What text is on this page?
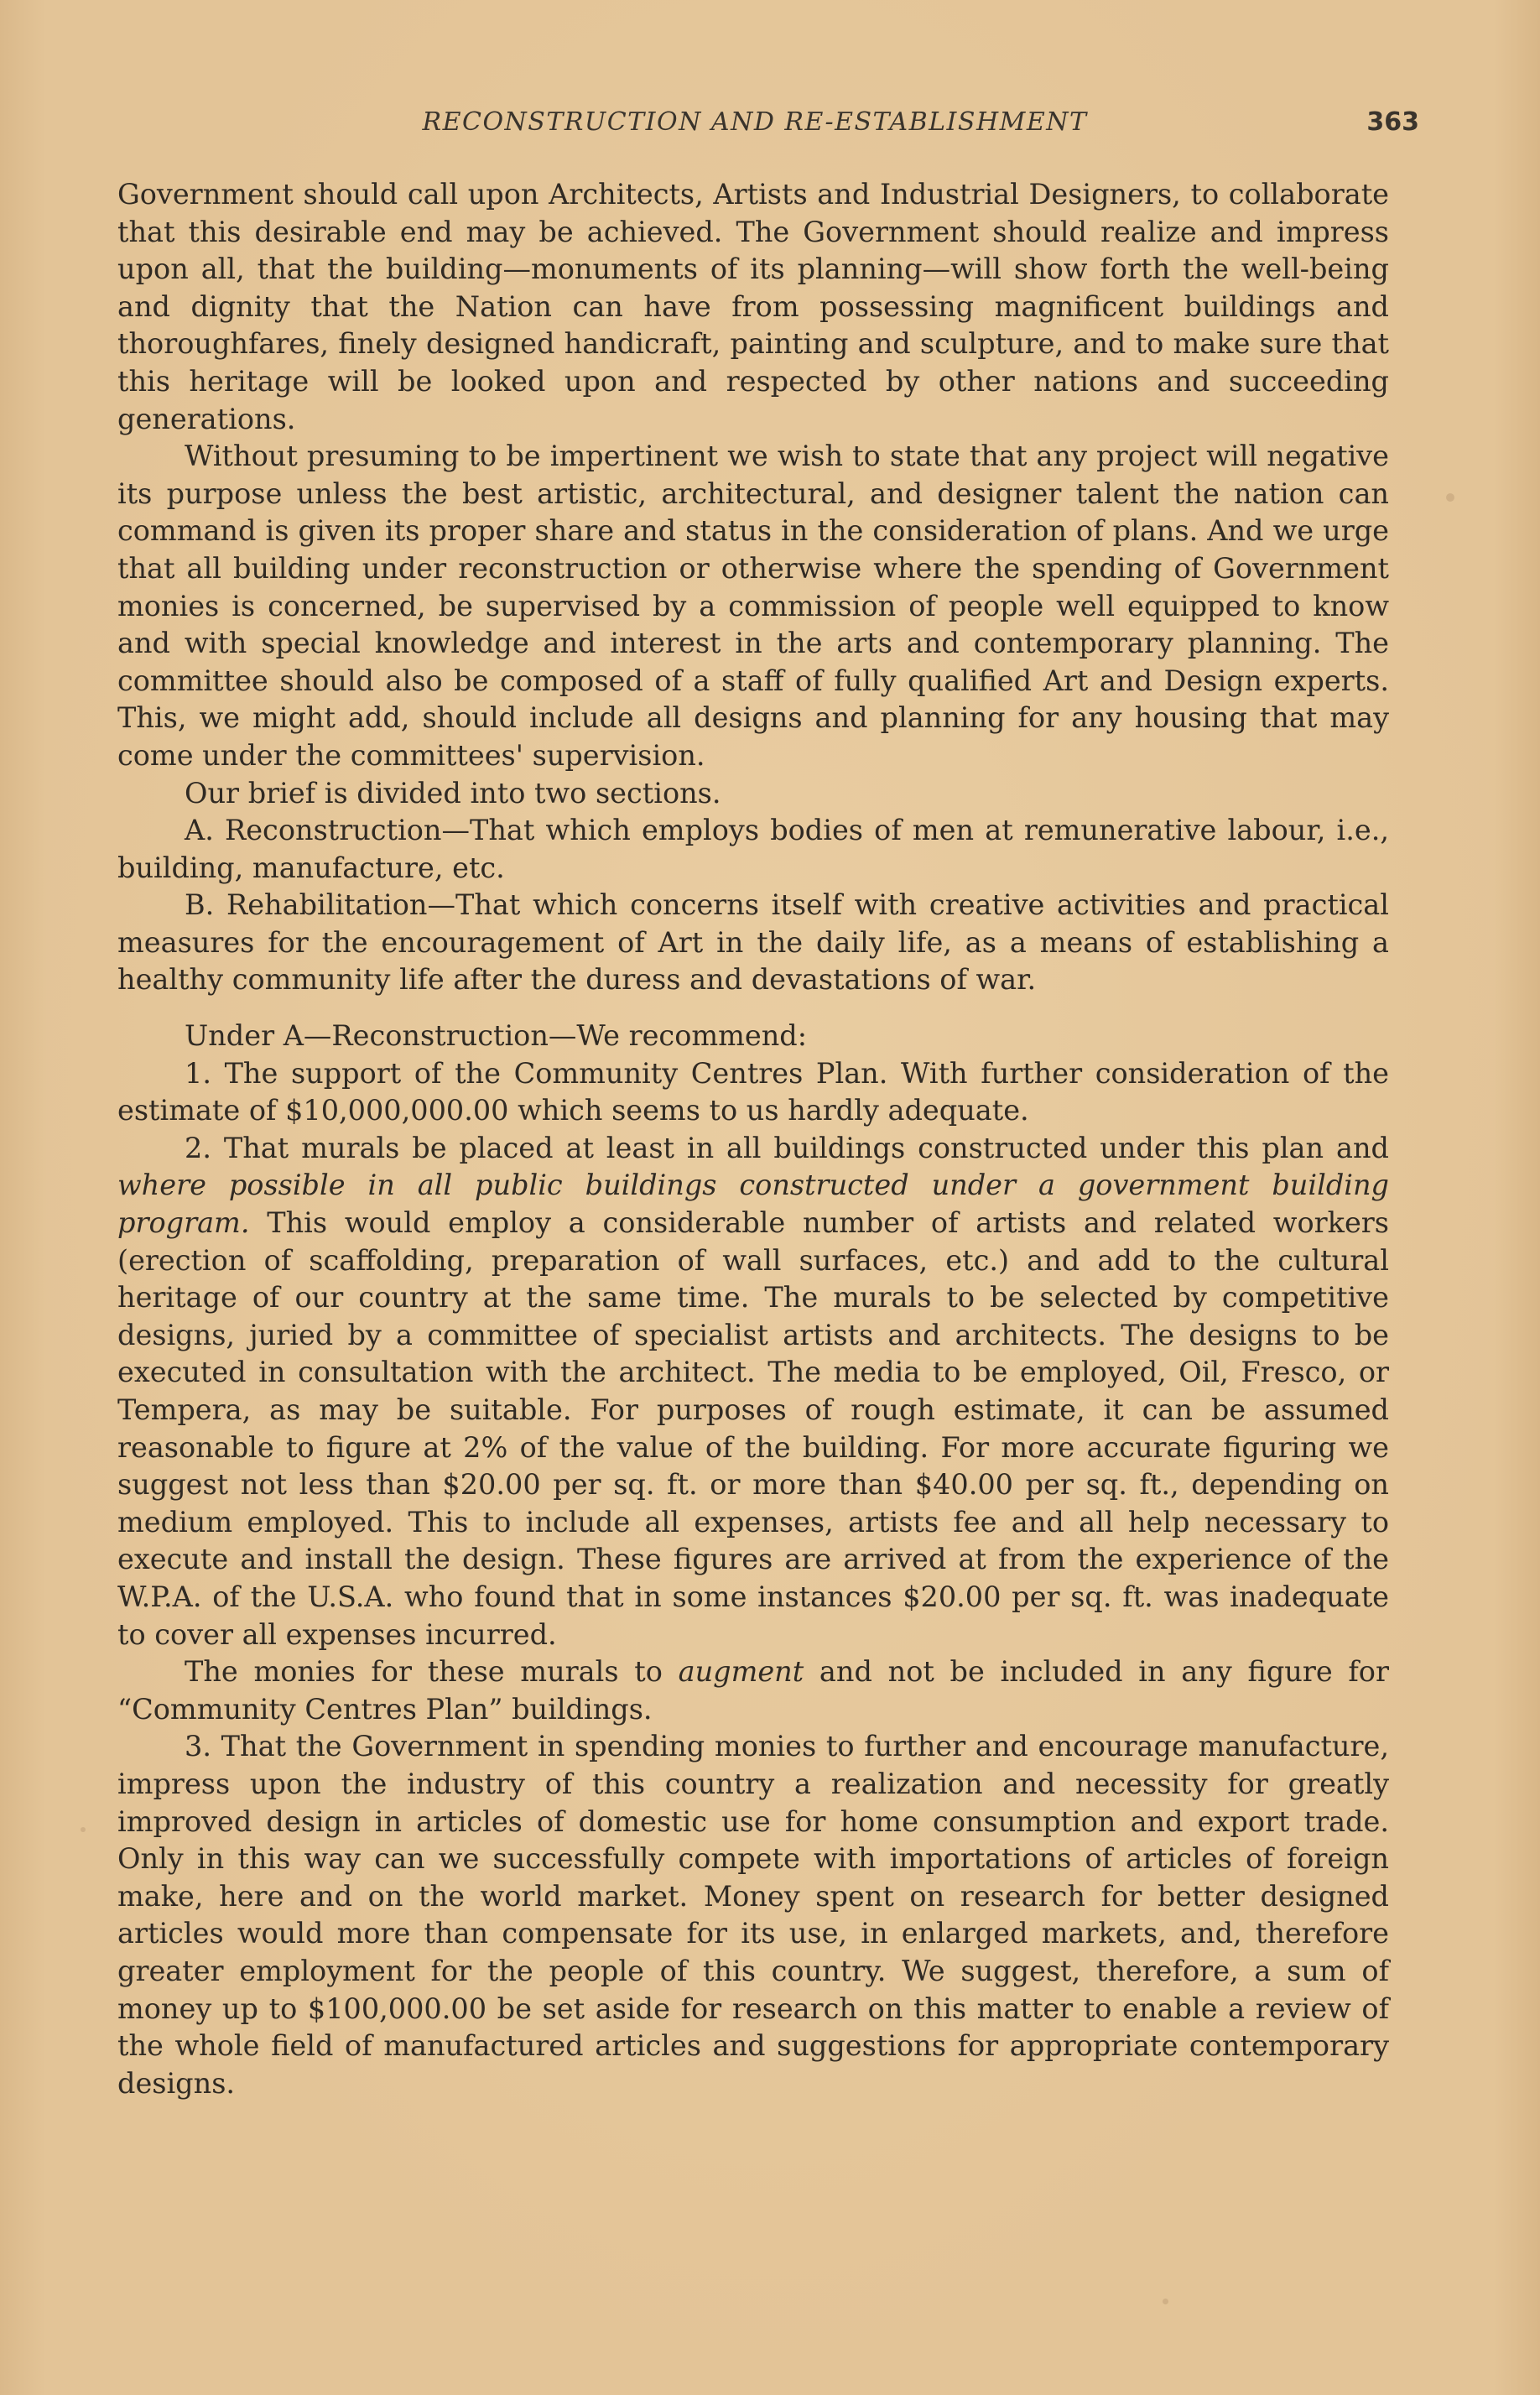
RECONSTRUCTION AND RE-ESTABLISHMENT	363

Government should call upon Architects, Artists and Industrial Designers, to collaborate that this desirable end may be achieved. The Government should realize and impress upon all, that the building—monuments of its planning—will show forth the well-being and dignity that the Nation can have from possessing magnificent buildings and thoroughfares, finely designed handicraft, painting and sculpture, and to make sure that this heritage will be looked upon and respected by other nations and succeeding generations.

Without presuming to be impertinent we wish to state that any project will negative its purpose unless the best artistic, architectural, and designer talent the nation can command is given its proper share and status in the consideration of plans. And we urge that all building under reconstruction or otherwise where the spending of Government monies is concerned, be supervised by a commission of people well equipped to know and with special knowledge and interest in the arts and contemporary planning. The committee should also be composed of a staff of fully qualified Art and Design experts. This, we might add, should include all designs and planning for any housing that may come under the committees' supervision.

Our brief is divided into two sections.

A. Reconstruction—That which employs bodies of men at remunerative labour, i.e., building, manufacture, etc.

B. Rehabilitation—That which concerns itself with creative activities and practical measures for the encouragement of Art in the daily life, as a means of establishing a healthy community life after the duress and devastations of war.

Under A—Reconstruction—We recommend:

1. The support of the Community Centres Plan. With further consideration of the estimate of $10,000,000.00 which seems to us hardly adequate.

2. That murals be placed at least in all buildings constructed under this plan and where possible in all public buildings constructed under a government building program. This would employ a considerable number of artists and related workers (erection of scaffolding, preparation of wall surfaces, etc.) and add to the cultural heritage of our country at the same time. The murals to be selected by competitive designs, juried by a committee of specialist artists and architects. The designs to be executed in consultation with the architect. The media to be employed, Oil, Fresco, or Tempera, as may be suitable. For purposes of rough estimate, it can be assumed reasonable to figure at 2% of the value of the building. For more accurate figuring we suggest not less than $20.00 per sq. ft. or more than $40.00 per sq. ft., depending on medium employed. This to include all expenses, artists fee and all help necessary to execute and install the design. These figures are arrived at from the experience of the W.P.A. of the U.S.A. who found that in some instances $20.00 per sq. ft. was inadequate to cover all expenses incurred.

The monies for these murals to augment and not be included in any figure for “Community Centres Plan” buildings.

3. That the Government in spending monies to further and encourage manufacture, impress upon the industry of this country a realization and necessity for greatly improved design in articles of domestic use for home consumption and export trade. Only in this way can we successfully compete with importations of articles of foreign make, here and on the world market. Money spent on research for better designed articles would more than compensate for its use, in enlarged markets, and, therefore greater employment for the people of this country. We suggest, therefore, a sum of money up to $100,000.00 be set aside for research on this matter to enable a review of the whole field of manufactured articles and suggestions for appropriate contemporary designs.
